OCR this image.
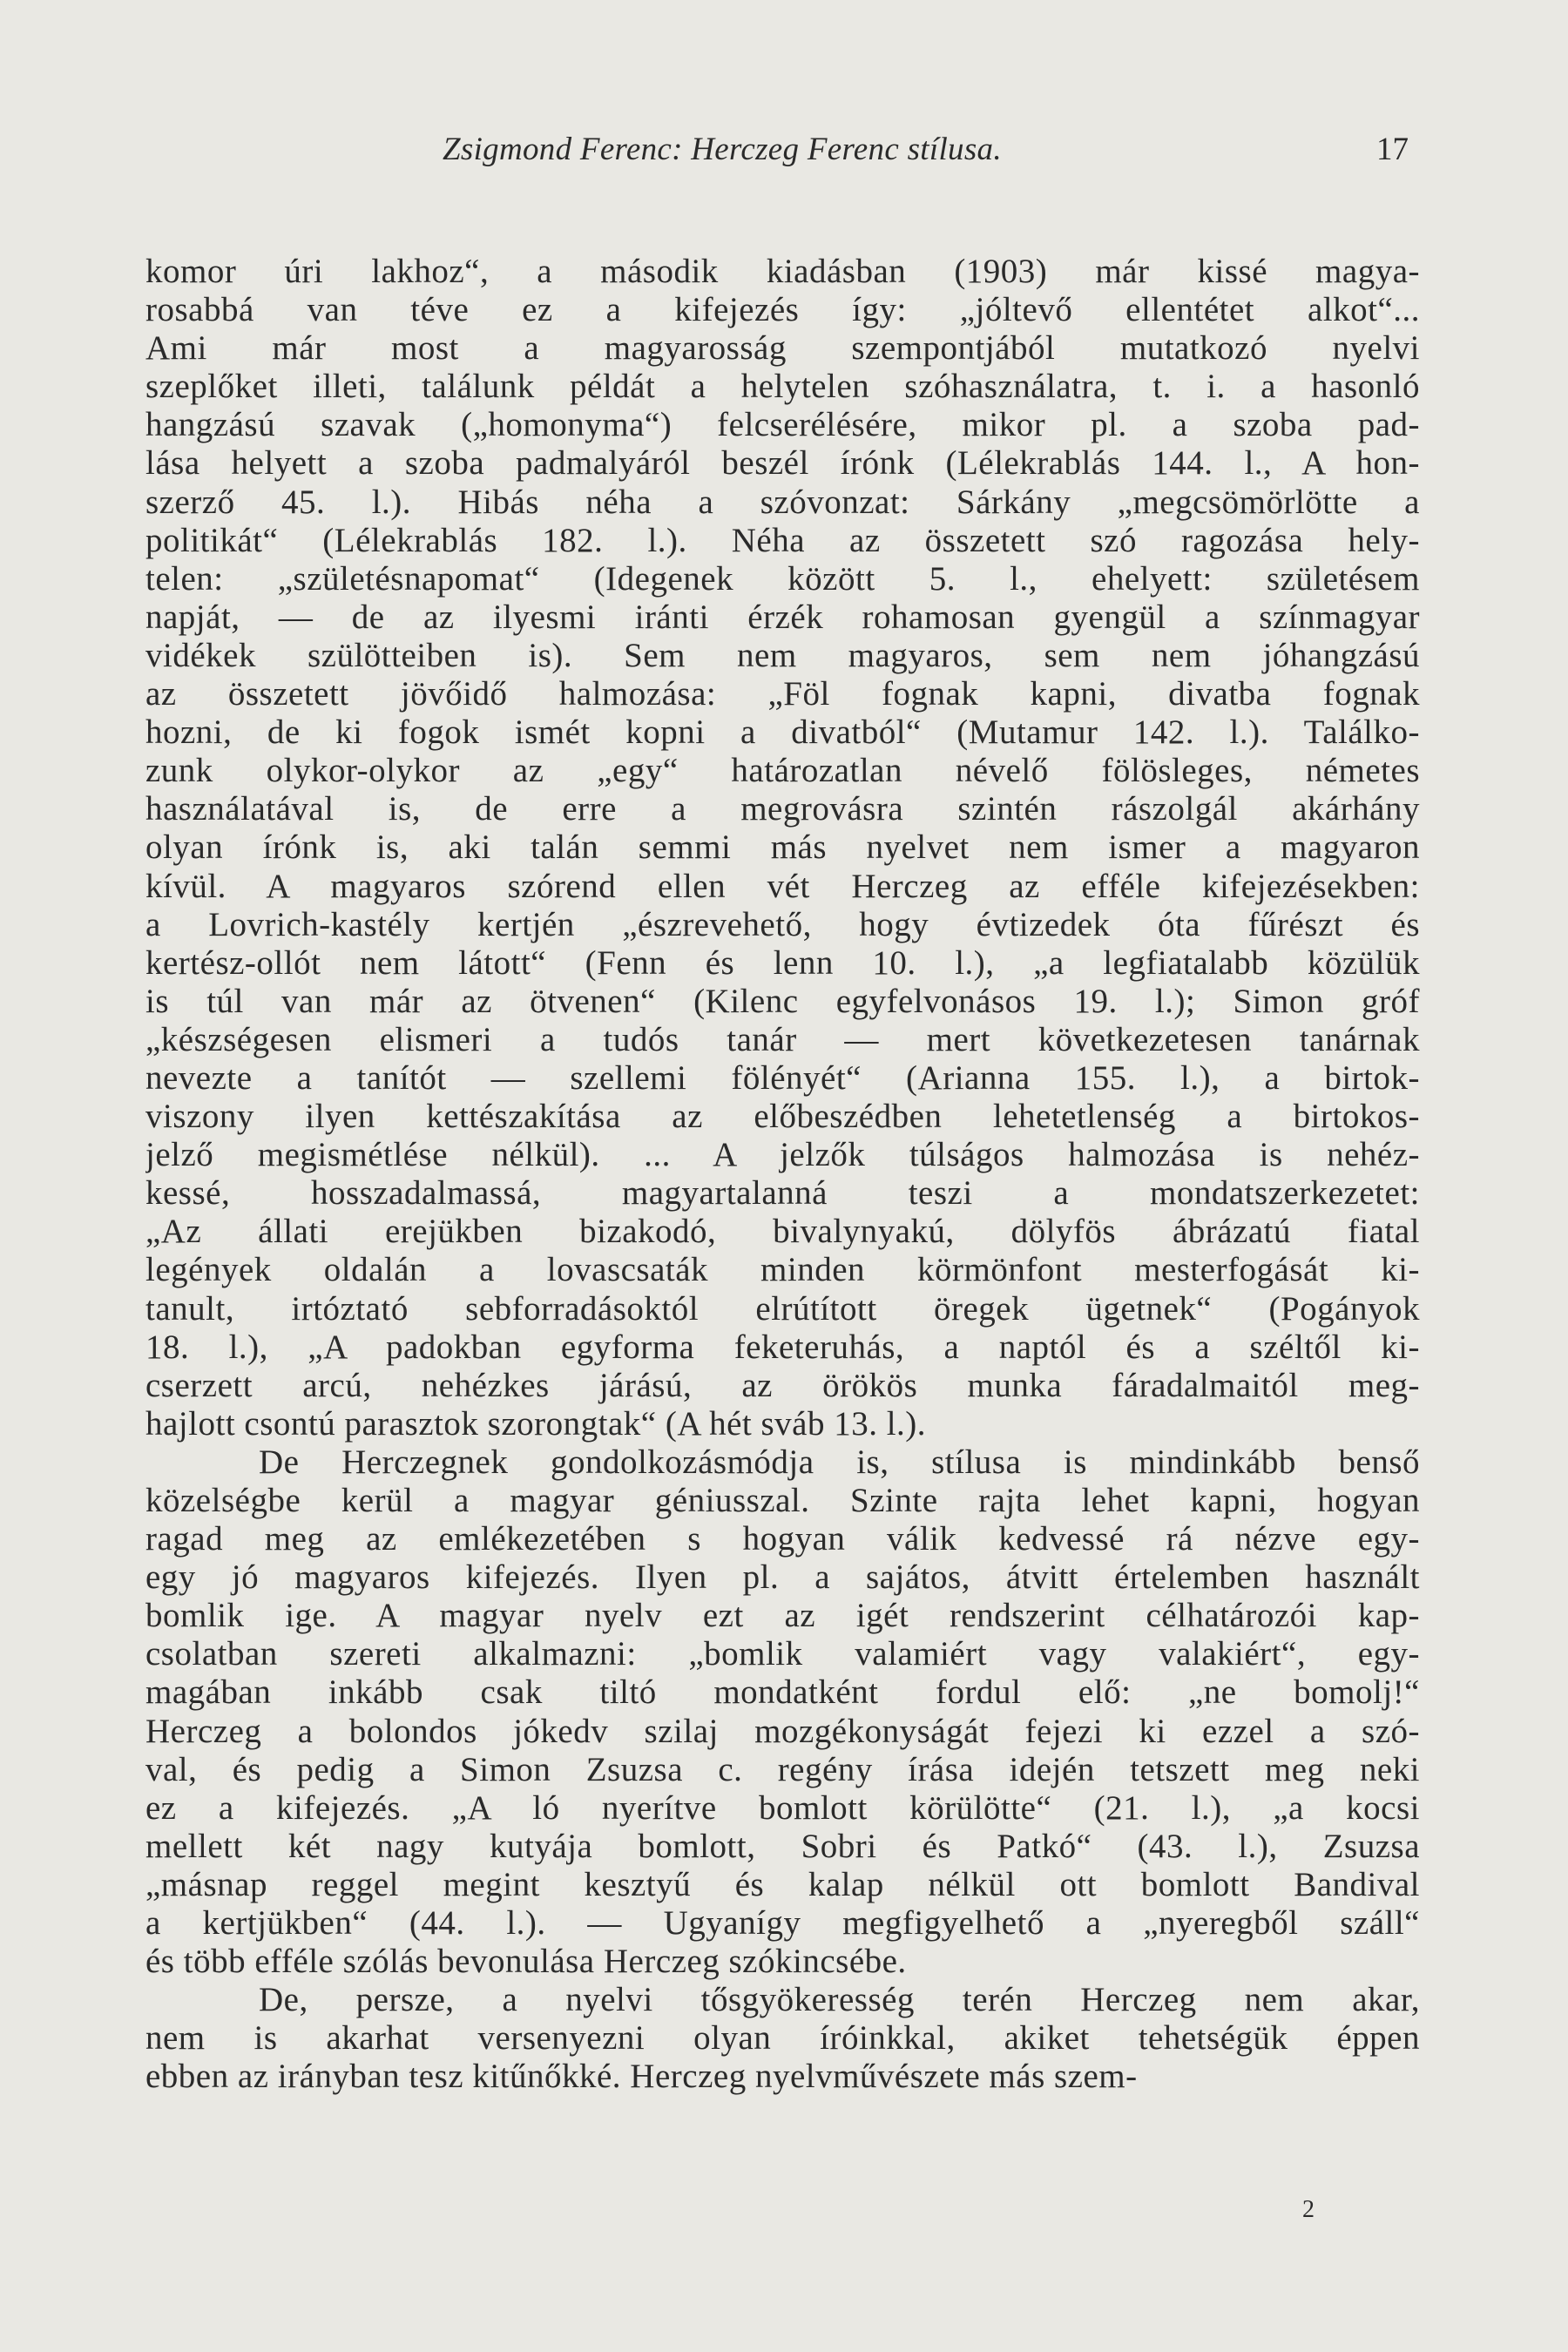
Zsigmond Ferenc: Herczeg Ferenc stílusa.	17
komor úri lakhoz“, a második kiadásban (1903) már kissé magya-
rosabbá van téve ez a kifejezés így: „jóltevő ellentétet alkot“...
Ami már most a magyarosság szempontjából mutatkozó nyelvi
szeplőket illeti, találunk példát a helytelen szóhasználatra, t. i. a hasonló
hangzású szavak („homonyma“) felcserélésére, mikor pl. a szoba pad-
lása helyett a szoba padmalyáról beszél írónk (Lélekrablás 144. l., A hon-
szerző 45. l.). Hibás néha a szóvonzat: Sárkány „megcsömörlötte a
politikát“ (Lélekrablás 182. l.). Néha az összetett szó ragozása hely-
telen: „születésnapomat“ (Idegenek között 5. l., ehelyett: születésem
napját, — de az ilyesmi iránti érzék rohamosan gyengül a színmagyar
vidékek szülötteiben is). Sem nem magyaros, sem nem jóhangzású
az összetett jövőidő halmozása: „Föl fognak kapni, divatba fognak
hozni, de ki fogok ismét kopni a divatból“ (Mutamur 142. l.). Találko-
zunk olykor-olykor az „egy“ határozatlan névelő fölösleges, németes
használatával is, de erre a megrovásra szintén rászolgál akárhány
olyan írónk is, aki talán semmi más nyelvet nem ismer a magyaron
kívül. A magyaros szórend ellen vét Herczeg az efféle kifejezésekben:
a Lovrich-kastély kertjén „észrevehető, hogy évtizedek óta fűrészt és
kertész-ollót nem látott“ (Fenn és lenn 10. l.), „a legfiatalabb közülük
is túl van már az ötvenen“ (Kilenc egyfelvonásos 19. l.); Simon gróf
„készségesen elismeri a tudós tanár — mert következetesen tanárnak
nevezte a tanítót — szellemi fölényét“ (Arianna 155. l.), a birtok-
viszony ilyen kettészakítása az előbeszédben lehetetlenség a birtokos-
jelző megismétlése nélkül). ... A jelzők túlságos halmozása is nehéz-
kessé, hosszadalmassá, magyartalanná teszi a mondatszerkezetet:
„Az állati erejükben bizakodó, bivalynyakú, dölyfös ábrázatú fiatal
legények oldalán a lovascsaták minden körmönfont mesterfogását ki-
tanult, irtóztató sebforradásoktól elrútított öregek ügetnek“ (Pogányok
18. l.), „A padokban egyforma feketeruhás, a naptól és a széltől ki-
cserzett arcú, nehézkes járású, az örökös munka fáradalmaitól meg-
hajlott csontú parasztok szorongtak“ (A hét sváb 13. l.).
De Herczegnek gondolkozásmódja is, stílusa is mindinkább benső
közelségbe kerül a magyar géniusszal. Szinte rajta lehet kapni, hogyan
ragad meg az emlékezetében s hogyan válik kedvessé rá nézve egy-
egy jó magyaros kifejezés. Ilyen pl. a sajátos, átvitt értelemben használt
bomlik ige. A magyar nyelv ezt az igét rendszerint célhatározói kap-
csolatban szereti alkalmazni: „bomlik valamiért vagy valakiért“, egy-
magában inkább csak tiltó mondatként fordul elő: „ne bomolj!“
Herczeg a bolondos jókedv szilaj mozgékonyságát fejezi ki ezzel a szó-
val, és pedig a Simon Zsuzsa c. regény írása idején tetszett meg neki
ez a kifejezés. „A ló nyerítve bomlott körülötte“ (21. l.), „a kocsi
mellett két nagy kutyája bomlott, Sobri és Patkó“ (43. l.), Zsuzsa
„másnap reggel megint kesztyű és kalap nélkül ott bomlott Bandival
a kertjükben“ (44. l.). — Ugyanígy megfigyelhető a „nyeregből száll“
és több efféle szólás bevonulása Herczeg szókincsébe.
De, persze, a nyelvi tősgyökeresség terén Herczeg nem akar,
nem is akarhat versenyezni olyan íróinkkal, akiket tehetségük éppen
ebben az irányban tesz kitűnőkké. Herczeg nyelvművészete más szem-
2
